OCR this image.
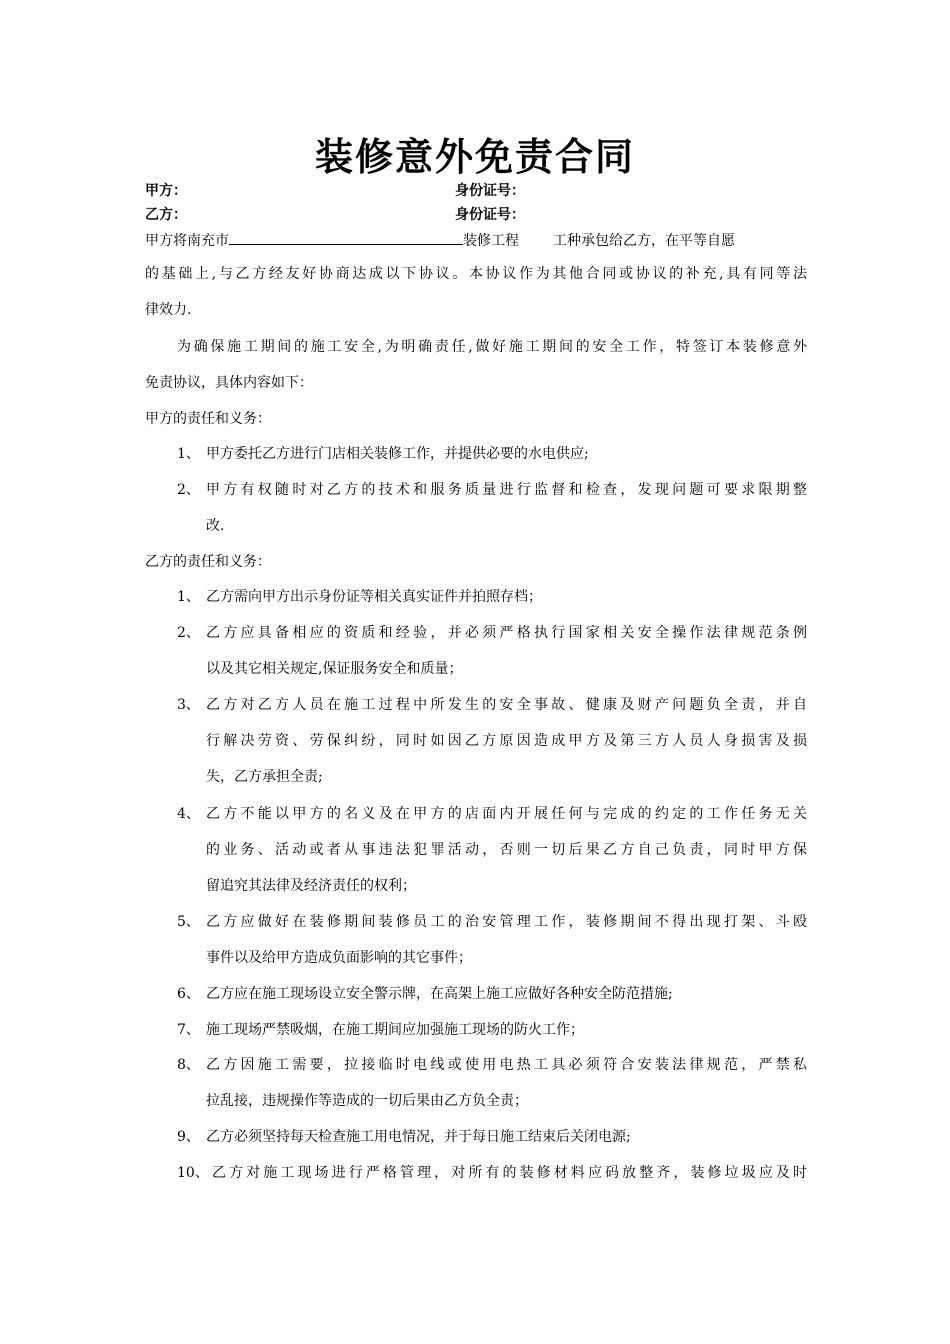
装修意外免责合同
甲方：	身份证号：
乙方：	身份证号：
甲方将南充市	装修工程 工种承包给乙方，在平等自愿
的基础上,与乙方经友好协商达成以下协议。本协议作为其他合同或协议的补充,具有同等法
律效力.
为确保施工期间的施工安全,为明确责任,做好施工期间的安全工作，特签订本装修意外
免责协议，具体内容如下：
甲方的责任和义务：
1、 甲方委托乙方进行门店相关装修工作，并提供必要的水电供应;
2、 甲方有权随时对乙方的技术和服务质量进行监督和检查，发现问题可要求限期整
改.
乙方的责任和义务：
1、 乙方需向甲方出示身份证等相关真实证件并拍照存档；
2、 乙方应具备相应的资质和经验，并必须严格执行国家相关安全操作法律规范条例
以及其它相关规定,保证服务安全和质量；
3、 乙方对乙方人员在施工过程中所发生的安全事故、健康及财产问题负全责，并自
行解决劳资、劳保纠纷，同时如因乙方原因造成甲方及第三方人员人身损害及损
失，乙方承担全责;
4、 乙方不能以甲方的名义及在甲方的店面内开展任何与完成的约定的工作任务无关
的业务、活动或者从事违法犯罪活动，否则一切后果乙方自己负责，同时甲方保
留追究其法律及经济责任的权利；
5、 乙方应做好在装修期间装修员工的治安管理工作，装修期间不得出现打架、斗殴
事件以及给甲方造成负面影响的其它事件；
6、 乙方应在施工现场设立安全警示牌，在高架上施工应做好各种安全防范措施;
7、 施工现场严禁吸烟，在施工期间应加强施工现场的防火工作；
8、 乙方因施工需要，拉接临时电线或使用电热工具必须符合安装法律规范，严禁私
拉乱接，违规操作等造成的一切后果由乙方负全责；
9、 乙方必须坚持每天检查施工用电情况，并于每日施工结束后关闭电源;
10、 乙方对施工现场进行严格管理，对所有的装修材料应码放整齐，装修垃圾应及时
